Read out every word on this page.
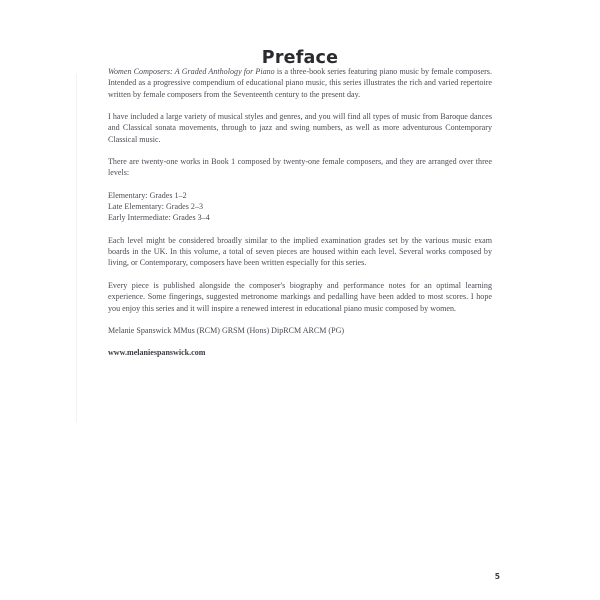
Preface

Women Composers: A Graded Anthology for Piano is a three-book series featuring piano music by female composers. Intended as a progressive compendium of educational piano music, this series illustrates the rich and varied repertoire written by female composers from the Seventeenth century to the present day.

I have included a large variety of musical styles and genres, and you will find all types of music from Baroque dances and Classical sonata movements, through to jazz and swing numbers, as well as more adventurous Contemporary Classical music.

There are twenty-one works in Book 1 composed by twenty-one female composers, and they are arranged over three levels:

Elementary: Grades 1–2
Late Elementary: Grades 2–3
Early Intermediate: Grades 3–4

Each level might be considered broadly similar to the implied examination grades set by the various music exam boards in the UK. In this volume, a total of seven pieces are housed within each level. Several works composed by living, or Contemporary, composers have been written especially for this series.

Every piece is published alongside the composer's biography and performance notes for an optimal learning experience. Some fingerings, suggested metronome markings and pedalling have been added to most scores. I hope you enjoy this series and it will inspire a renewed interest in educational piano music composed by women.

Melanie Spanswick MMus (RCM) GRSM (Hons) DipRCM ARCM (PG)

www.melaniespanswick.com

5
